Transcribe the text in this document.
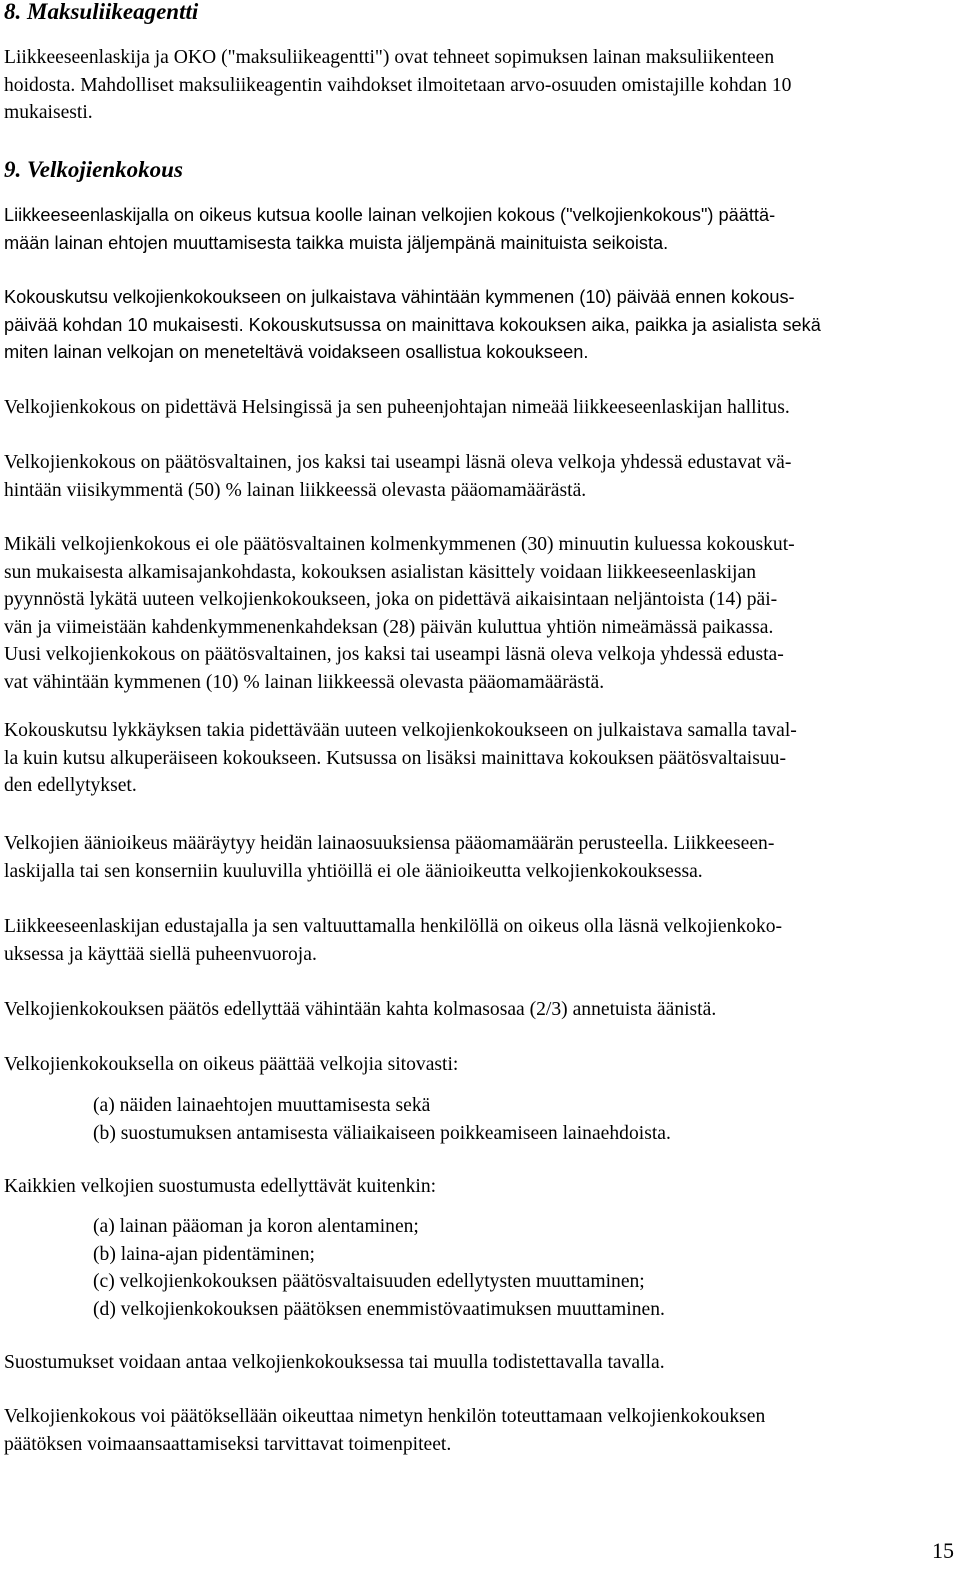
8. Maksuliikeagentti

Liikkeeseenlaskija ja OKO ("maksuliikeagentti") ovat tehneet sopimuksen lainan maksuliikenteen
hoidosta. Mahdolliset maksuliikeagentin vaihdokset ilmoitetaan arvo-osuuden omistajille kohdan 10
mukaisesti.

9. Velkojienkokous

Liikkeeseenlaskijalla on oikeus kutsua koolle lainan velkojien kokous ("velkojienkokous") päättä-
mään lainan ehtojen muuttamisesta taikka muista jäljempänä mainituista seikoista.

Kokouskutsu velkojienkokoukseen on julkaistava vähintään kymmenen (10) päivää ennen kokous-
päivää kohdan 10 mukaisesti. Kokouskutsussa on mainittava kokouksen aika, paikka ja asialista sekä
miten lainan velkojan on meneteltävä voidakseen osallistua kokoukseen.

Velkojienkokous on pidettävä Helsingissä ja sen puheenjohtajan nimeää liikkeeseenlaskijan hallitus.

Velkojienkokous on päätösvaltainen, jos kaksi tai useampi läsnä oleva velkoja yhdessä edustavat vä-
hintään viisikymmentä (50) % lainan liikkeessä olevasta pääomamäärästä.

Mikäli velkojienkokous ei ole päätösvaltainen kolmenkymmenen (30) minuutin kuluessa kokouskut-
sun mukaisesta alkamisajankohdasta, kokouksen asialistan käsittely voidaan liikkeeseenlaskijan
pyynnöstä lykätä uuteen velkojienkokoukseen, joka on pidettävä aikaisintaan neljäntoista (14) päi-
vän ja viimeistään kahdenkymmenenkahdeksan (28) päivän kuluttua yhtiön nimeämässä paikassa.
Uusi velkojienkokous on päätösvaltainen, jos kaksi tai useampi läsnä oleva velkoja yhdessä edusta-
vat vähintään kymmenen (10) % lainan liikkeessä olevasta pääomamäärästä.

Kokouskutsu lykkäyksen takia pidettävään uuteen velkojienkokoukseen on julkaistava samalla taval-
la kuin kutsu alkuperäiseen kokoukseen. Kutsussa on lisäksi mainittava kokouksen päätösvaltaisuu-
den edellytykset.

Velkojien äänioikeus määräytyy heidän lainaosuuksiensa pääomamäärän perusteella. Liikkeeseen-
laskijalla tai sen konserniin kuuluvilla yhtiöillä ei ole äänioikeutta velkojienkokouksessa.

Liikkeeseenlaskijan edustajalla ja sen valtuuttamalla henkilöllä on oikeus olla läsnä velkojienkoko-
uksessa ja käyttää siellä puheenvuoroja.

Velkojienkokouksen päätös edellyttää vähintään kahta kolmasosaa (2/3) annetuista äänistä.

Velkojienkokouksella on oikeus päättää velkojia sitovasti:

(a) näiden lainaehtojen muuttamisesta sekä
(b) suostumuksen antamisesta väliaikaiseen poikkeamiseen lainaehdoista.

Kaikkien velkojien suostumusta edellyttävät kuitenkin:

(a) lainan pääoman ja koron alentaminen;
(b) laina-ajan pidentäminen;
(c) velkojienkokouksen päätösvaltaisuuden edellytysten muuttaminen;
(d) velkojienkokouksen päätöksen enemmistövaatimuksen muuttaminen.

Suostumukset voidaan antaa velkojienkokouksessa tai muulla todistettavalla tavalla.

Velkojienkokous voi päätöksellään oikeuttaa nimetyn henkilön toteuttamaan velkojienkokouksen
päätöksen voimaansaattamiseksi tarvittavat toimenpiteet.

15
